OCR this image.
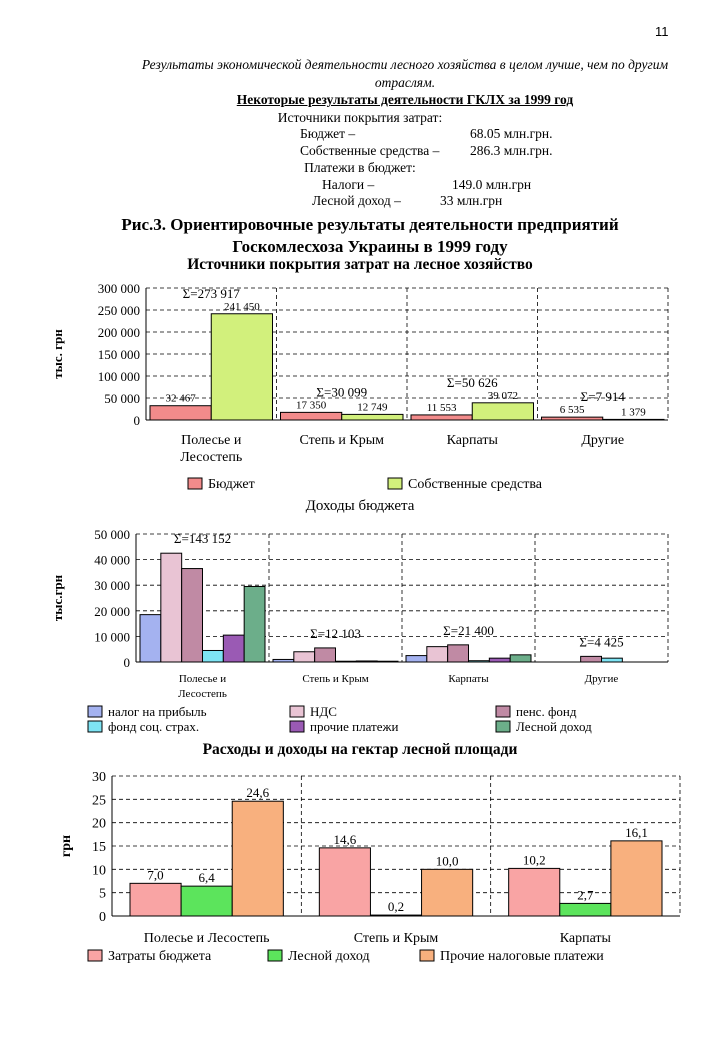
11
Результаты экономической деятельности лесного хозяйства в целом лучше, чем по другим отраслям.
Некоторые результаты деятельности ГКЛХ за 1999 год
Источники покрытия затрат:
Бюджет –	68.05 млн.грн.
Собственные средства – 286.3 млн.грн.
Платежи в бюджет:
Налоги –	149.0 млн.грн
Лесной доход –	33 млн.грн
Рис.3. Ориентировочные результаты деятельности предприятий
Госкомлесхоза Украины в 1999 году
Источники покрытия затрат на лесное хозяйство
0
50 000
100 000
150 000
200 000
250 000
300 000
32 467
241 450
Полесье и
Лесостепь
Σ=273 917
17 350	12 749
Степь и Крым
Σ=30 099
11 553
39 072
Карпаты
Σ=50 626
6 535	1 379
Другие
Σ=7 914
тыс. грн
Бюджет	Собственные средства
Доходы бюджета
0
10 000
20 000
30 000
40 000
50 000
Полесье и
Лесостепь
Σ=143 152
Степь и Крым
Σ=12 103
Карпаты
Σ=21 400
Другие
Σ=4 425
тыс.грн
налог на прибыль	НДС	пенс. фонд
фонд соц. страх.	прочие платежи	Лесной доход
Расходы и доходы на гектар лесной площади
0
5
10
15
20
25
30
7,0	6,4
24,6
Полесье и Лесостепь
14,6
0,2
10,0
Степь и Крым
10,2
2,7
16,1
Карпаты
грн
Затраты бюджета	Лесной доход	Прочие налоговые платежи
